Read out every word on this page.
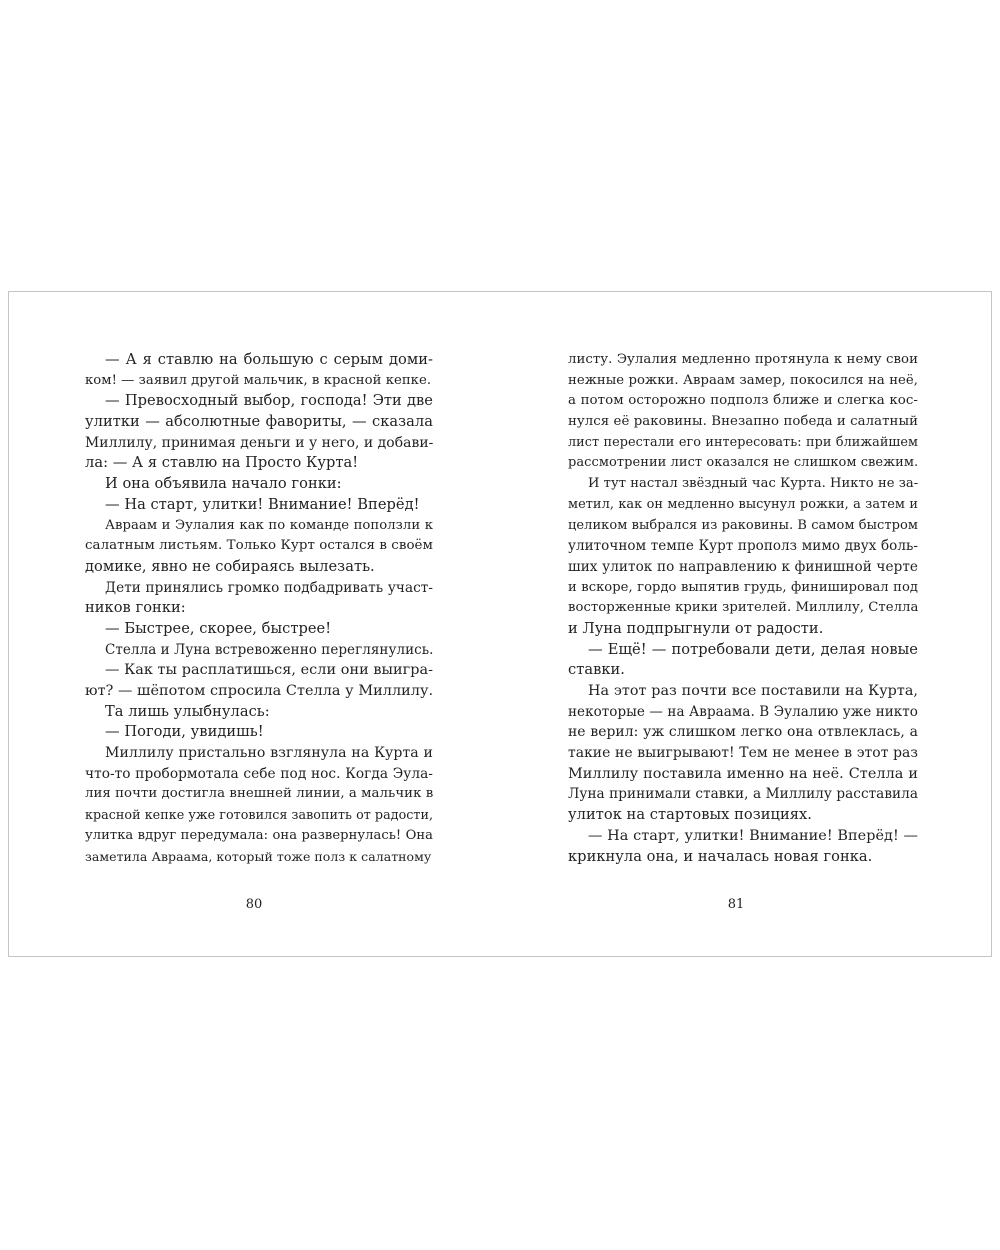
— А я ставлю на большую с серым доми-
ком! — заявил другой мальчик, в красной кепке.
— Превосходный выбор, господа! Эти две
улитки — абсолютные фавориты, — сказала
Миллилу, принимая деньги и у него, и добави-
ла: — А я ставлю на Просто Курта!
И она объявила начало гонки:
— На старт, улитки! Внимание! Вперёд!
Авраам и Эулалия как по команде поползли к
салатным листьям. Только Курт остался в своём
домике, явно не собираясь вылезать.
Дети принялись громко подбадривать участ-
ников гонки:
— Быстрее, скорее, быстрее!
Стелла и Луна встревоженно переглянулись.
— Как ты расплатишься, если они выигра-
ют? — шёпотом спросила Стелла у Миллилу.
Та лишь улыбнулась:
— Погоди, увидишь!
Миллилу пристально взглянула на Курта и
что-то пробормотала себе под нос. Когда Эула-
лия почти достигла внешней линии, а мальчик в
красной кепке уже готовился завопить от радости,
улитка вдруг передумала: она развернулась! Она
заметила Авраама, который тоже полз к салатному
80
листу. Эулалия медленно протянула к нему свои
нежные рожки. Авраам замер, покосился на неё,
а потом осторожно подполз ближе и слегка кос-
нулся её раковины. Внезапно победа и салатный
лист перестали его интересовать: при ближайшем
рассмотрении лист оказался не слишком свежим.
И тут настал звёздный час Курта. Никто не за-
метил, как он медленно высунул рожки, а затем и
целиком выбрался из раковины. В самом быстром
улиточном темпе Курт прополз мимо двух боль-
ших улиток по направлению к финишной черте
и вскоре, гордо выпятив грудь, финишировал под
восторженные крики зрителей. Миллилу, Стелла
и Луна подпрыгнули от радости.
— Ещё! — потребовали дети, делая новые
ставки.
На этот раз почти все поставили на Курта,
некоторые — на Авраама. В Эулалию уже никто
не верил: уж слишком легко она отвлеклась, а
такие не выигрывают! Тем не менее в этот раз
Миллилу поставила именно на неё. Стелла и
Луна принимали ставки, а Миллилу расставила
улиток на стартовых позициях.
— На старт, улитки! Внимание! Вперёд! —
крикнула она, и началась новая гонка.
81
